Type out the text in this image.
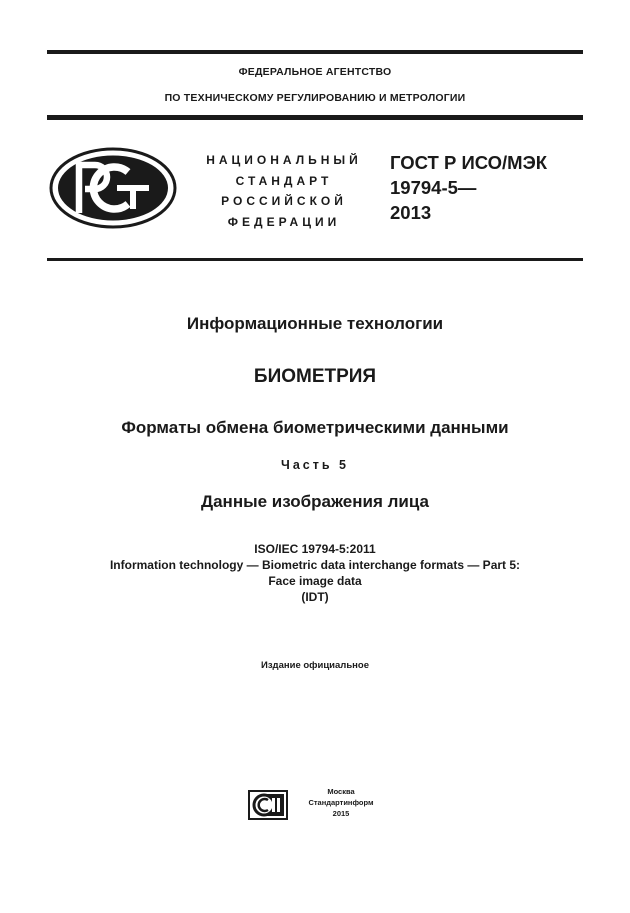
ФЕДЕРАЛЬНОЕ АГЕНТСТВО
ПО ТЕХНИЧЕСКОМУ РЕГУЛИРОВАНИЮ И МЕТРОЛОГИИ
НАЦИОНАЛЬНЫЙ
СТАНДАРТ
РОССИЙСКОЙ
ФЕДЕРАЦИИ
ГОСТ Р ИСО/МЭК
19794-5—
2013
Информационные технологии
БИОМЕТРИЯ
Форматы обмена биометрическими данными
Часть 5
Данные изображения лица
ISO/IEC 19794-5:2011
Information technology — Biometric data interchange formats — Part 5:
Face image data
(IDT)
Издание официальное
Москва
Стандартинформ
2015
